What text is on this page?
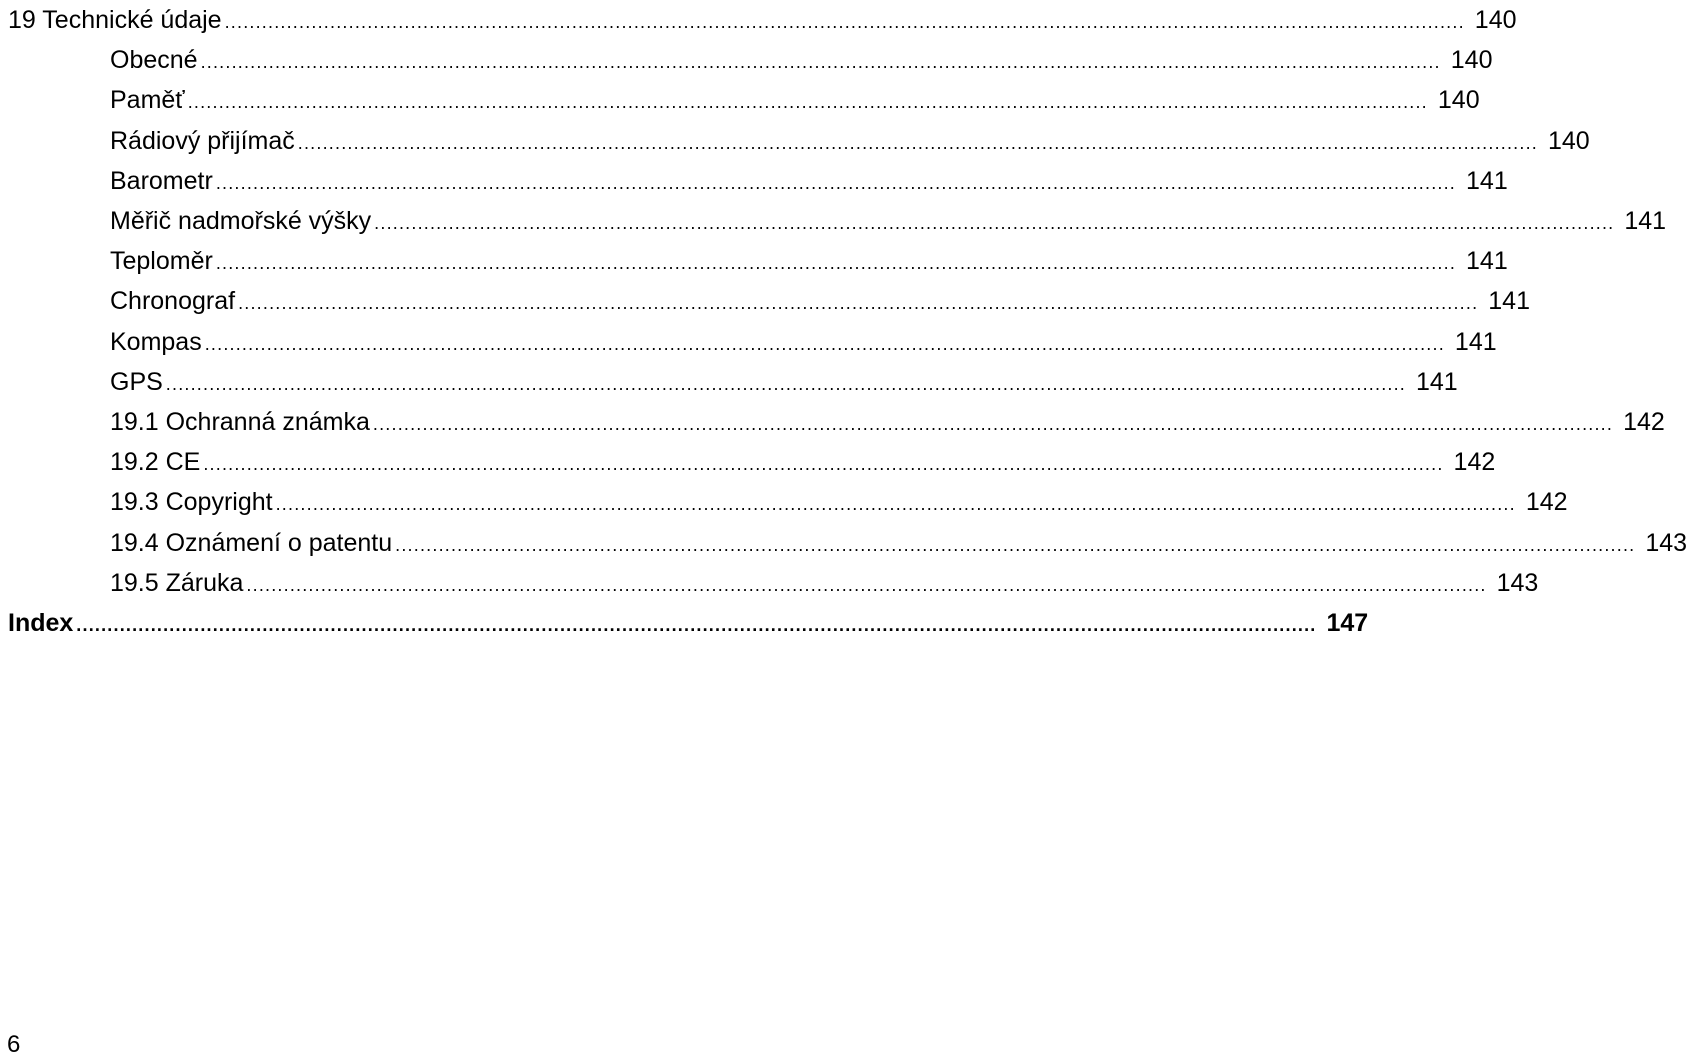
19 Technické údaje ........................................................................................................................................................................................................ 140
Obecné ........................................................................................................................................................................................................ 140
Paměť ........................................................................................................................................................................................................ 140
Rádiový přijímač ........................................................................................................................................................................................................ 140
Barometr ........................................................................................................................................................................................................ 141
Měřič nadmořské výšky ........................................................................................................................................................................................................ 141
Teploměr ........................................................................................................................................................................................................ 141
Chronograf ........................................................................................................................................................................................................ 141
Kompas ........................................................................................................................................................................................................ 141
GPS ........................................................................................................................................................................................................ 141
19.1 Ochranná známka ........................................................................................................................................................................................................ 142
19.2 CE ........................................................................................................................................................................................................ 142
19.3 Copyright ........................................................................................................................................................................................................ 142
19.4 Oznámení o patentu ........................................................................................................................................................................................................ 143
19.5 Záruka ........................................................................................................................................................................................................ 143
Index ........................................................................................................................................................................................................ 147
6
